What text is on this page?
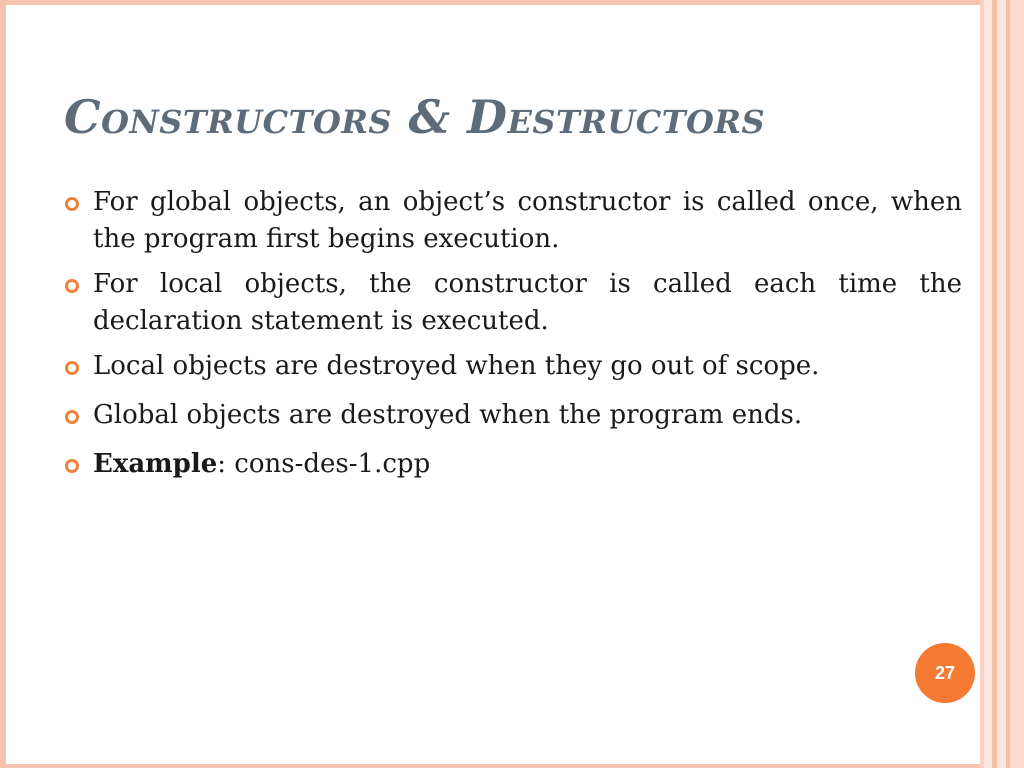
Constructors & Destructors
For global objects, an object’s constructor is called once, when the program first begins execution.
For local objects, the constructor is called each time the declaration statement is executed.
Local objects are destroyed when they go out of scope.
Global objects are destroyed when the program ends.
Example: cons-des-1.cpp
27
